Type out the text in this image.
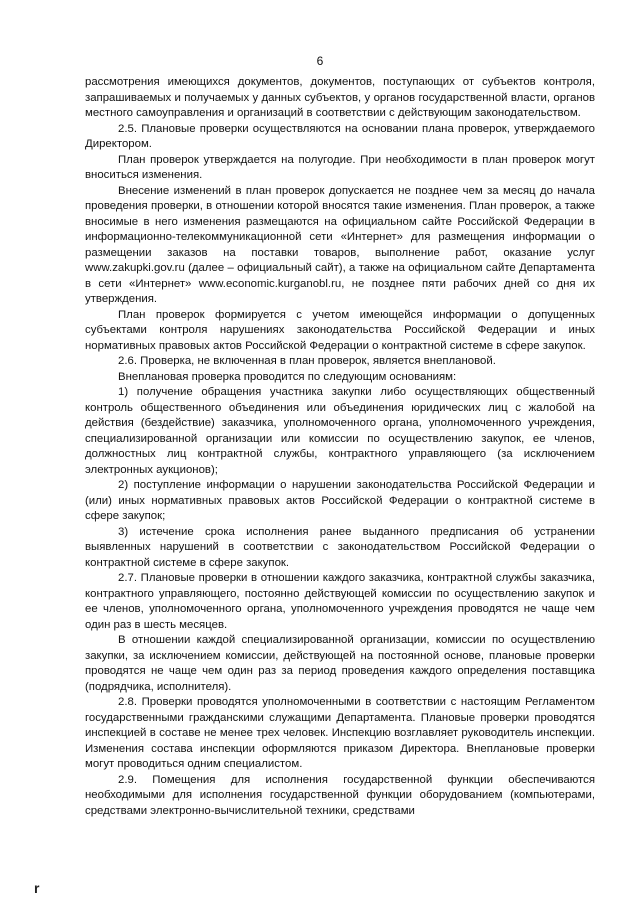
6

рассмотрения имеющихся документов, документов, поступающих от субъектов контроля, запрашиваемых и получаемых у данных субъектов, у органов государственной власти, органов местного самоуправления и организаций в соответствии с действующим законодательством.

2.5. Плановые проверки осуществляются на основании плана проверок, утверждаемого Директором.

План проверок утверждается на полугодие. При необходимости в план проверок могут вноситься изменения.

Внесение изменений в план проверок допускается не позднее чем за месяц до начала проведения проверки, в отношении которой вносятся такие изменения. План проверок, а также вносимые в него изменения размещаются на официальном сайте Российской Федерации в информационно-телекоммуникационной сети «Интернет» для размещения информации о размещении заказов на поставки товаров, выполнение работ, оказание услуг www.zakupki.gov.ru (далее – официальный сайт), а также на официальном сайте Департамента в сети «Интернет» www.economic.kurganobl.ru, не позднее пяти рабочих дней со дня их утверждения.

План проверок формируется с учетом имеющейся информации о допущенных субъектами контроля нарушениях законодательства Российской Федерации и иных нормативных правовых актов Российской Федерации о контрактной системе в сфере закупок.

2.6. Проверка, не включенная в план проверок, является внеплановой.

Внеплановая проверка проводится по следующим основаниям:

1) получение обращения участника закупки либо осуществляющих общественный контроль общественного объединения или объединения юридических лиц с жалобой на действия (бездействие) заказчика, уполномоченного органа, уполномоченного учреждения, специализированной организации или комиссии по осуществлению закупок, ее членов, должностных лиц контрактной службы, контрактного управляющего (за исключением электронных аукционов);

2) поступление информации о нарушении законодательства Российской Федерации и (или) иных нормативных правовых актов Российской Федерации о контрактной системе в сфере закупок;

3) истечение срока исполнения ранее выданного предписания об устранении выявленных нарушений в соответствии с законодательством Российской Федерации о контрактной системе в сфере закупок.

2.7. Плановые проверки в отношении каждого заказчика, контрактной службы заказчика, контрактного управляющего, постоянно действующей комиссии по осуществлению закупок и ее членов, уполномоченного органа, уполномоченного учреждения проводятся не чаще чем один раз в шесть месяцев.

В отношении каждой специализированной организации, комиссии по осуществлению закупки, за исключением комиссии, действующей на постоянной основе, плановые проверки проводятся не чаще чем один раз за период проведения каждого определения поставщика (подрядчика, исполнителя).

2.8. Проверки проводятся уполномоченными в соответствии с настоящим Регламентом государственными гражданскими служащими Департамента. Плановые проверки проводятся инспекцией в составе не менее трех человек. Инспекцию возглавляет руководитель инспекции. Изменения состава инспекции оформляются приказом Директора. Внеплановые проверки могут проводиться одним специалистом.

2.9. Помещения для исполнения государственной функции обеспечиваются необходимыми для исполнения государственной функции оборудованием (компьютерами, средствами электронно-вычислительной техники, средствами

r
